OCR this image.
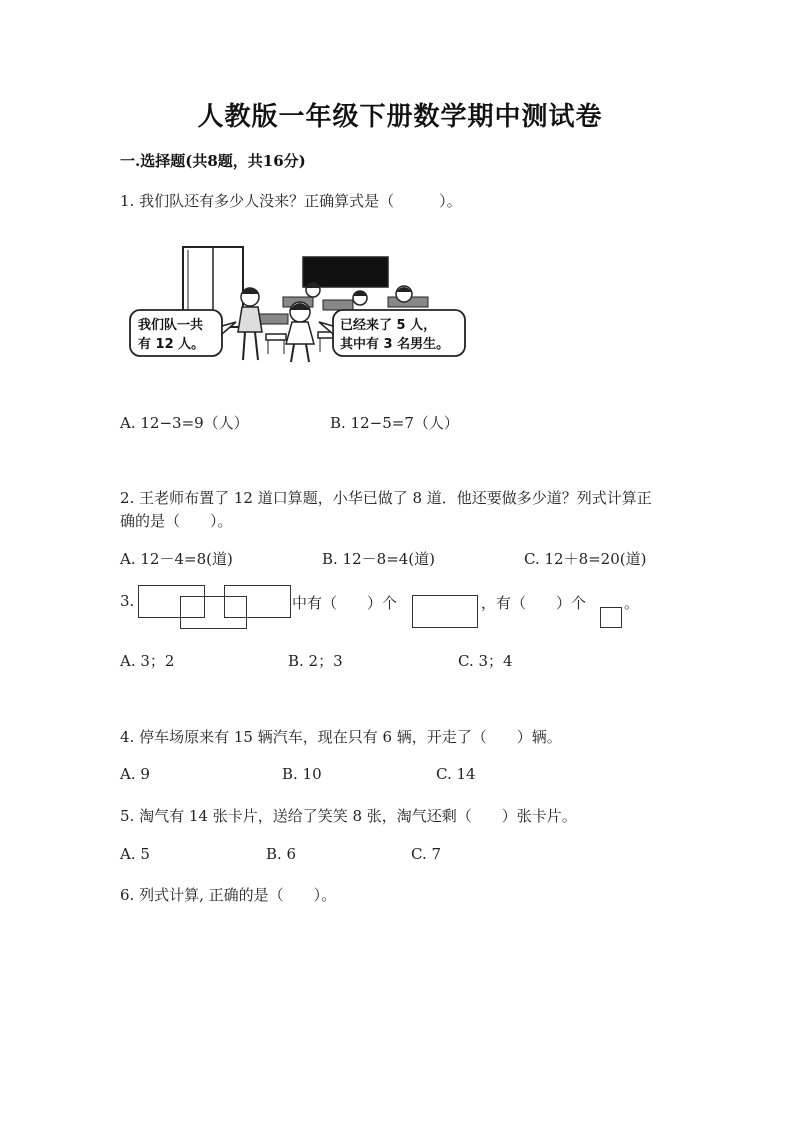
人教版一年级下册数学期中测试卷
一.选择题(共8题，共16分)
1. 我们队还有多少人没来？正确算式是（　　　）。
我们队一共
有 12 人。
已经来了 5 人，
其中有 3 名男生。
A. 12−3=9（人）	B. 12−5=7（人）
2. 王老师布置了 12 道口算题，小华已做了 8 道．他还要做多少道？列式计算正
确的是（　　）。
A. 12－4=8(道)	B. 12－8=4(道)	C. 12＋8=20(道)
3.	中有（　　）个	，有（　　）个	。
A. 3；2	B. 2；3	C. 3；4
4. 停车场原来有 15 辆汽车，现在只有 6 辆，开走了（　　）辆。
A. 9	B. 10	C. 14
5. 淘气有 14 张卡片，送给了笑笑 8 张，淘气还剩（　　）张卡片。
A. 5	B. 6	C. 7
6. 列式计算, 正确的是（　　）。
